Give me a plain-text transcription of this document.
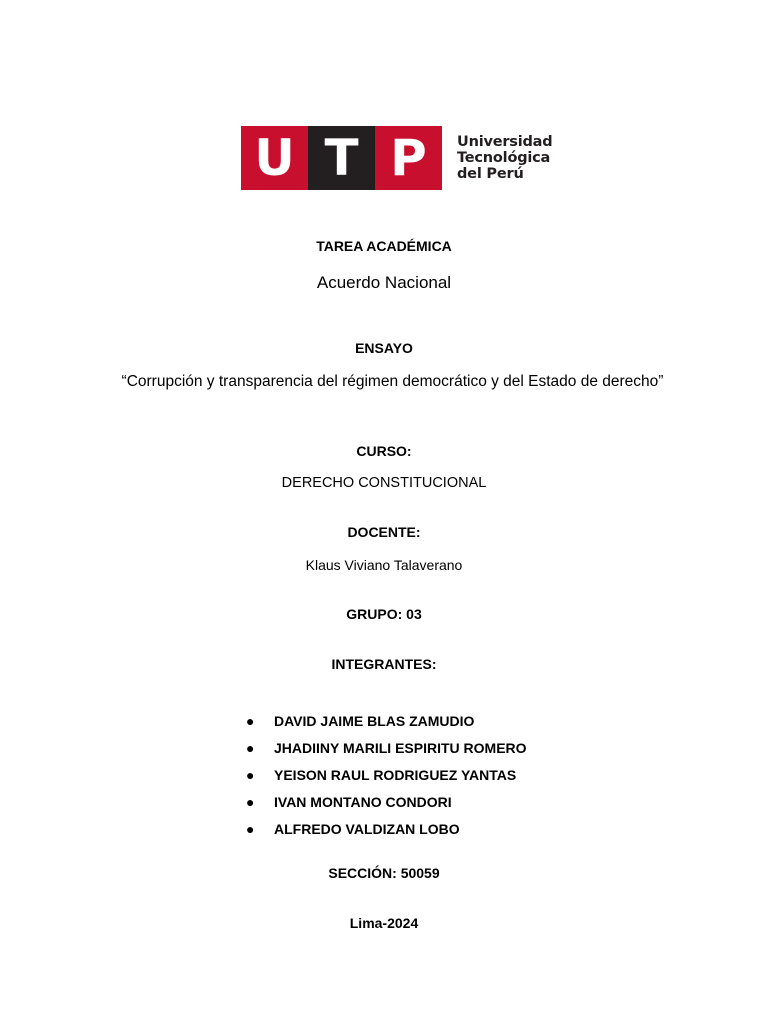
U T P	Universidad
Tecnológica
del Perú
TAREA ACADÉMICA
Acuerdo Nacional
ENSAYO
“Corrupción y transparencia del régimen democrático y del Estado de derecho”
CURSO:
DERECHO CONSTITUCIONAL
DOCENTE:
Klaus Viviano Talaverano
GRUPO: 03
INTEGRANTES:
●	DAVID JAIME BLAS ZAMUDIO
●	JHADIINY MARILI ESPIRITU ROMERO
●	YEISON RAUL RODRIGUEZ YANTAS
●	IVAN MONTANO CONDORI
●	ALFREDO VALDIZAN LOBO
SECCIÓN: 50059
Lima-2024
